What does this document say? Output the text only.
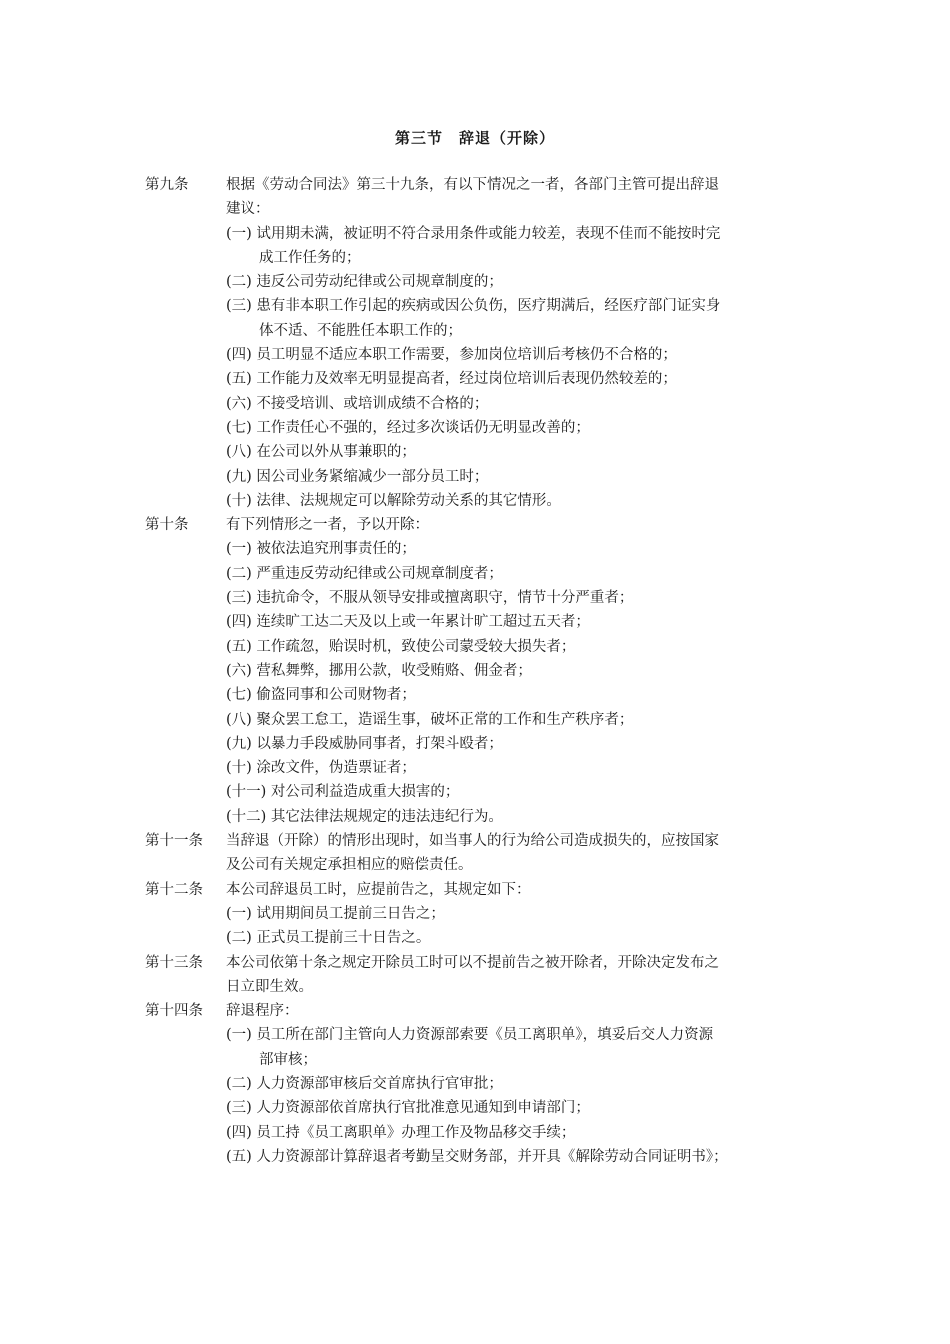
第三节　辞退（开除）
第九条	根据《劳动合同法》第三十九条，有以下情况之一者，各部门主管可提出辞退
建议：
(一) 试用期未满，被证明不符合录用条件或能力较差，表现不佳而不能按时完
成工作任务的；
(二) 违反公司劳动纪律或公司规章制度的；
(三) 患有非本职工作引起的疾病或因公负伤，医疗期满后，经医疗部门证实身
体不适、不能胜任本职工作的；
(四) 员工明显不适应本职工作需要，参加岗位培训后考核仍不合格的；
(五) 工作能力及效率无明显提高者，经过岗位培训后表现仍然较差的；
(六) 不接受培训、或培训成绩不合格的；
(七) 工作责任心不强的，经过多次谈话仍无明显改善的；
(八) 在公司以外从事兼职的；
(九) 因公司业务紧缩减少一部分员工时；
(十) 法律、法规规定可以解除劳动关系的其它情形。
第十条	有下列情形之一者，予以开除：
(一) 被依法追究刑事责任的；
(二) 严重违反劳动纪律或公司规章制度者；
(三) 违抗命令，不服从领导安排或擅离职守，情节十分严重者；
(四) 连续旷工达二天及以上或一年累计旷工超过五天者；
(五) 工作疏忽，贻误时机，致使公司蒙受较大损失者；
(六) 营私舞弊，挪用公款，收受贿赂、佣金者；
(七) 偷盗同事和公司财物者；
(八) 聚众罢工怠工，造谣生事，破坏正常的工作和生产秩序者；
(九) 以暴力手段威胁同事者，打架斗殴者；
(十) 涂改文件，伪造票证者；
(十一) 对公司利益造成重大损害的；
(十二) 其它法律法规规定的违法违纪行为。
第十一条	当辞退（开除）的情形出现时，如当事人的行为给公司造成损失的，应按国家
及公司有关规定承担相应的赔偿责任。
第十二条	本公司辞退员工时，应提前告之，其规定如下：
(一) 试用期间员工提前三日告之；
(二) 正式员工提前三十日告之。
第十三条	本公司依第十条之规定开除员工时可以不提前告之被开除者，开除决定发布之
日立即生效。
第十四条	辞退程序：
(一) 员工所在部门主管向人力资源部索要《员工离职单》，填妥后交人力资源
部审核；
(二) 人力资源部审核后交首席执行官审批；
(三) 人力资源部依首席执行官批准意见通知到申请部门；
(四) 员工持《员工离职单》办理工作及物品移交手续；
(五) 人力资源部计算辞退者考勤呈交财务部，并开具《解除劳动合同证明书》；
